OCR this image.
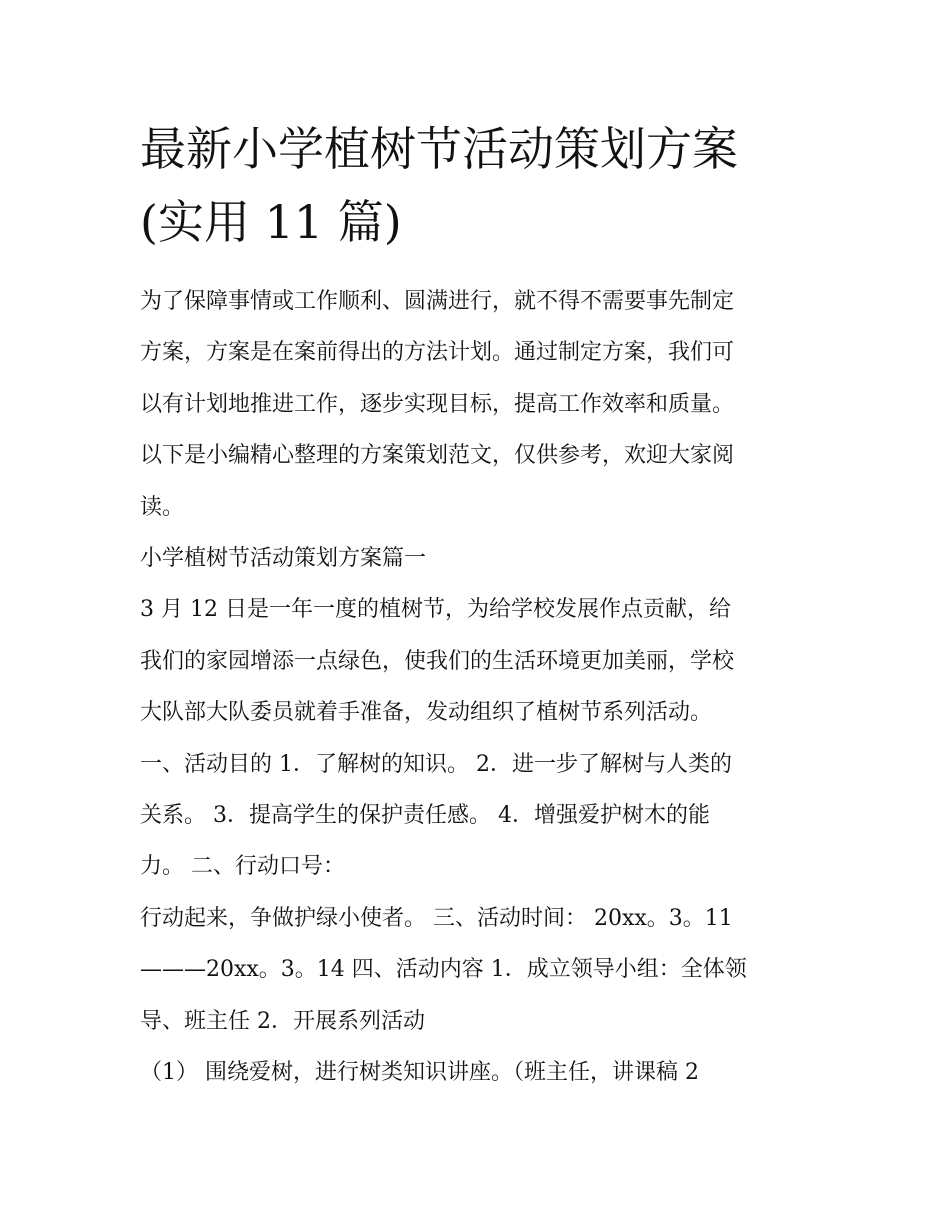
最新小学植树节活动策划方案
(实用 11 篇)

为了保障事情或工作顺利、圆满进行，就不得不需要事先制定

方案，方案是在案前得出的方法计划。通过制定方案，我们可

以有计划地推进工作，逐步实现目标，提高工作效率和质量。

以下是小编精心整理的方案策划范文，仅供参考，欢迎大家阅

读。

小学植树节活动策划方案篇一

3 月 12 日是一年一度的植树节，为给学校发展作点贡献，给

我们的家园增添一点绿色，使我们的生活环境更加美丽，学校

大队部大队委员就着手准备，发动组织了植树节系列活动。

一、活动目的 1．了解树的知识。 2．进一步了解树与人类的

关系。 3．提高学生的保护责任感。 4．增强爱护树木的能

力。 二、行动口号：

行动起来，争做护绿小使者。 三、活动时间： 20xx。3。11

———20xx。3。14 四、活动内容 1．成立领导小组：全体领

导、班主任 2．开展系列活动

（1） 围绕爱树，进行树类知识讲座。（班主任，讲课稿 2
